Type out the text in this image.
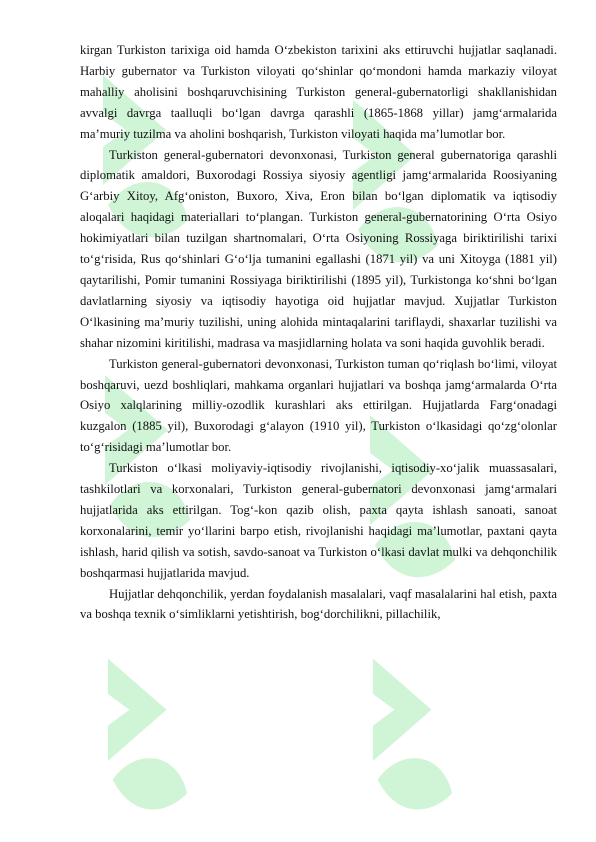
kirgan Turkiston tarixiga oid hamda O‘zbekiston tarixini aks ettiruvchi hujjatlar saqlanadi. Harbiy gubernator va Turkiston viloyati qo‘shinlar qo‘mondoni hamda markaziy viloyat mahalliy aholisini boshqaruvchisining Turkiston general-gubernatorligi shakllanishidan avvalgi davrga taalluqli bo‘lgan davrga qarashli (1865-1868 yillar) jamg‘armalarida ma’muriy tuzilma va aholini boshqarish, Turkiston viloyati haqida ma’lumotlar bor.

Turkiston general-gubernatori devonxonasi, Turkiston general gubernatoriga qarashli diplomatik amaldori, Buxorodagi Rossiya siyosiy agentligi jamg‘armalarida Roosiyaning G‘arbiy Xitoy, Afg‘oniston, Buxoro, Xiva, Eron bilan bo‘lgan diplomatik va iqtisodiy aloqalari haqidagi materiallari to‘plangan. Turkiston general-gubernatorining O‘rta Osiyo hokimiyatlari bilan tuzilgan shartnomalari, O‘rta Osiyoning Rossiyaga biriktirilishi tarixi to‘g‘risida, Rus qo‘shinlari G‘o‘lja tumanini egallashi (1871 yil) va uni Xitoyga (1881 yil) qaytarilishi, Pomir tumanini Rossiyaga biriktirilishi (1895 yil), Turkistonga ko‘shni bo‘lgan davlatlarning siyosiy va iqtisodiy hayotiga oid hujjatlar mavjud. Xujjatlar Turkiston O‘lkasining ma’muriy tuzilishi, uning alohida mintaqalarini tariflaydi, shaxarlar tuzilishi va shahar nizomini kiritilishi, madrasa va masjidlarning holata va soni haqida guvohlik beradi.

Turkiston general-gubernatori devonxonasi, Turkiston tuman qo‘riqlash bo‘limi, viloyat boshqaruvi, uezd boshliqlari, mahkama organlari hujjatlari va boshqa jamg‘armalarda O‘rta Osiyo xalqlarining milliy-ozodlik kurashlari aks ettirilgan. Hujjatlarda Farg‘onadagi kuzgalon (1885 yil), Buxorodagi g‘alayon (1910 yil), Turkiston o‘lkasidagi qo‘zg‘olonlar to‘g‘risidagi ma’lumotlar bor.

Turkiston o‘lkasi moliyaviy-iqtisodiy rivojlanishi, iqtisodiy-xo‘jalik muassasalari, tashkilotlari va korxonalari, Turkiston general-gubernatori devonxonasi jamg‘armalari hujjatlarida aks ettirilgan. Tog‘-kon qazib olish, paxta qayta ishlash sanoati, sanoat korxonalarini, temir yo‘llarini barpo etish, rivojlanishi haqidagi ma’lumotlar, paxtani qayta ishlash, harid qilish va sotish, savdo-sanoat va Turkiston o‘lkasi davlat mulki va dehqonchilik boshqarmasi hujjatlarida mavjud.

Hujjatlar dehqonchilik, yerdan foydalanish masalalari, vaqf masalalarini hal etish, paxta va boshqa texnik o‘simliklarni yetishtirish, bog‘dorchilikni, pillachilik,
